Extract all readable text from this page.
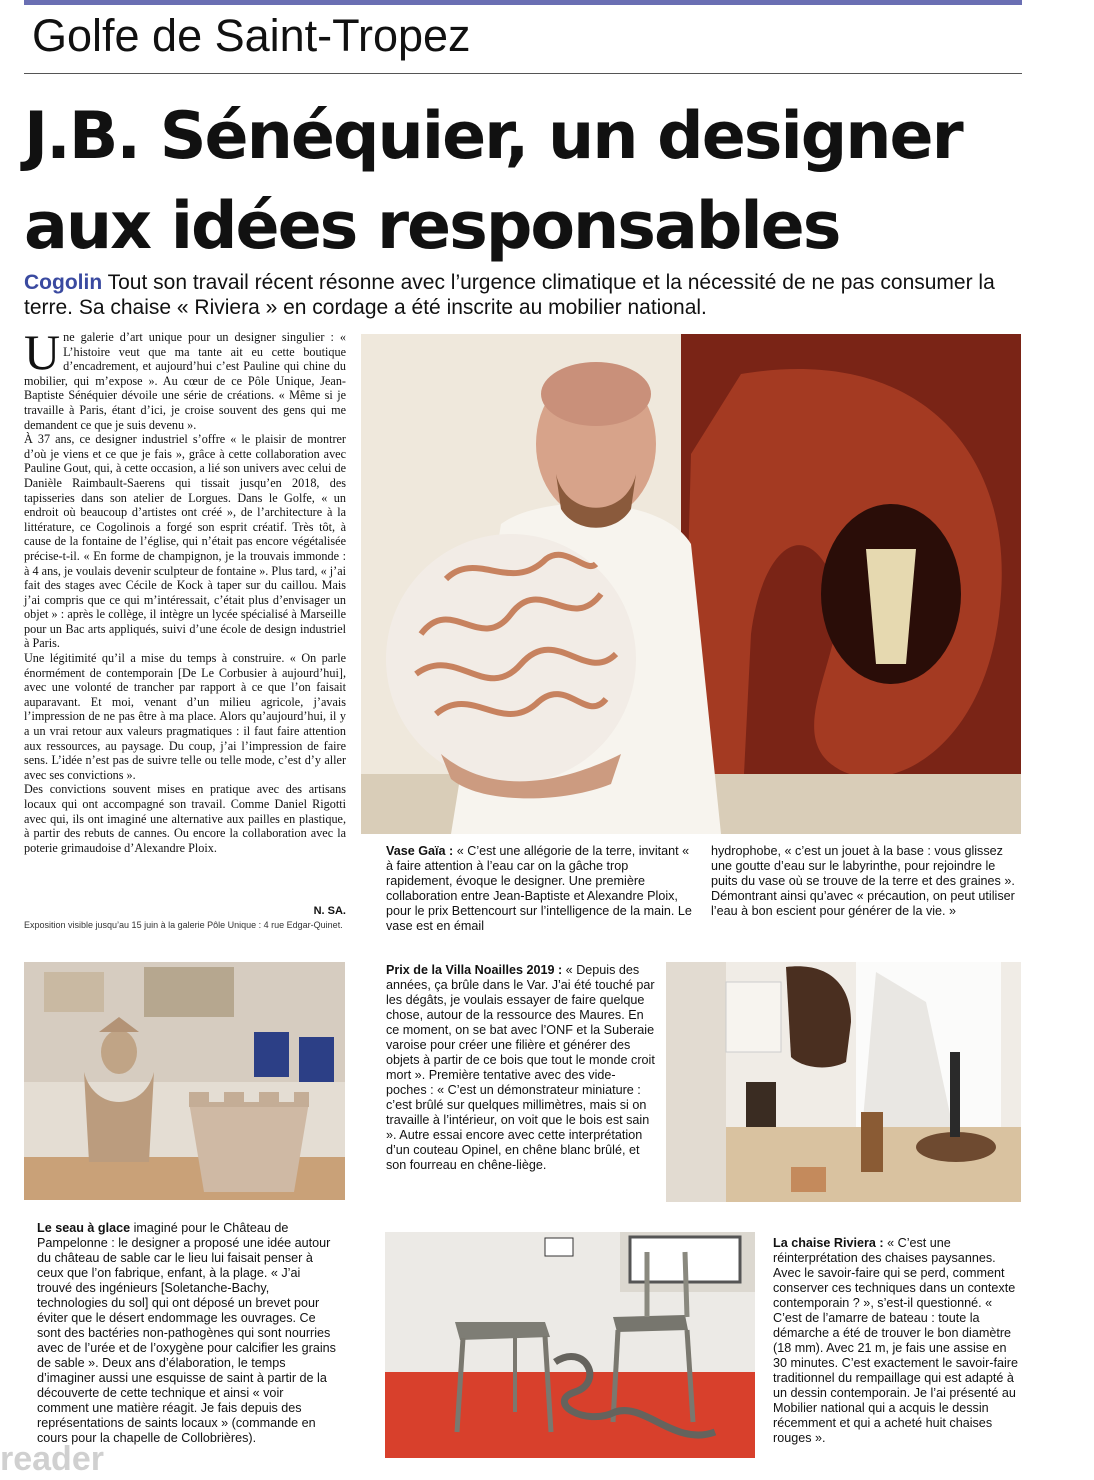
Golfe de Saint-Tropez
J.B. Sénéquier, un designer
aux idées responsables
Cogolin Tout son travail récent résonne avec l’urgence climatique et la nécessité de ne pas consumer la terre. Sa chaise « Riviera » en cordage a été inscrite au mobilier national.

Une galerie d’art unique pour un designer singulier : « L’histoire veut que ma tante ait eu cette boutique d’encadrement, et aujourd’hui c’est Pauline qui chine du mobilier, qui m’expose ». Au cœur de ce Pôle Unique, Jean-Baptiste Sénéquier dévoile une série de créations. « Même si je travaille à Paris, étant d’ici, je croise souvent des gens qui me demandent ce que je suis devenu ».

À 37 ans, ce designer industriel s’offre « le plaisir de montrer d’où je viens et ce que je fais », grâce à cette collaboration avec Pauline Gout, qui, à cette occasion, a lié son univers avec celui de Danièle Raimbault-Saerens qui tissait jusqu’en 2018, des tapisseries dans son atelier de Lorgues. Dans le Golfe, « un endroit où beaucoup d’artistes ont créé », de l’architecture à la littérature, ce Cogolinois a forgé son esprit créatif. Très tôt, à cause de la fontaine de l’église, qui n’était pas encore végétalisée précise-t-il. « En forme de champignon, je la trouvais immonde : à 4 ans, je voulais devenir sculpteur de fontaine ». Plus tard, « j’ai fait des stages avec Cécile de Kock à taper sur du caillou. Mais j’ai compris que ce qui m’intéressait, c’était plus d’envisager un objet » : après le collège, il intègre un lycée spécialisé à Marseille pour un Bac arts appliqués, suivi d’une école de design industriel à Paris.

Une légitimité qu’il a mise du temps à construire. « On parle énormément de contemporain [De Le Corbusier à aujourd’hui], avec une volonté de trancher par rapport à ce que l’on faisait auparavant. Et moi, venant d’un milieu agricole, j’avais l’impression de ne pas être à ma place. Alors qu’aujourd’hui, il y a un vrai retour aux valeurs pragmatiques : il faut faire attention aux ressources, au paysage. Du coup, j’ai l’impression de faire sens. L’idée n’est pas de suivre telle ou telle mode, c’est d’y aller avec ses convictions ».

Des convictions souvent mises en pratique avec des artisans locaux qui ont accompagné son travail. Comme Daniel Rigotti avec qui, ils ont imaginé une alternative aux pailles en plastique, à partir des rebuts de cannes. Ou encore la collaboration avec la poterie grimaudoise d’Alexandre Ploix.

N. SA.
Exposition visible jusqu’au 15 juin à la galerie Pôle Unique : 4 rue Edgar-Quinet.
Vase Gaïa : « C’est une allégorie de la terre, invitant « à faire attention à l’eau car on la gâche trop rapidement, évoque le designer. Une première collaboration entre Jean-Baptiste et Alexandre Ploix, pour le prix Bettencourt sur l’intelligence de la main. Le vase est en émail
hydrophobe, « c’est un jouet à la base : vous glissez une goutte d’eau sur le labyrinthe, pour rejoindre le puits du vase où se trouve de la terre et des graines ». Démontrant ainsi qu’avec « précaution, on peut utiliser l’eau à bon escient pour générer de la vie. »
Prix de la Villa Noailles 2019 : « Depuis des années, ça brûle dans le Var. J’ai été touché par les dégâts, je voulais essayer de faire quelque chose, autour de la ressource des Maures. En ce moment, on se bat avec l’ONF et la Suberaie varoise pour créer une filière et générer des objets à partir de ce bois que tout le monde croit mort ». Première tentative avec des vide-poches : « C’est un démonstrateur miniature : c’est brûlé sur quelques millimètres, mais si on travaille à l’intérieur, on voit que le bois est sain ». Autre essai encore avec cette interprétation d’un couteau Opinel, en chêne blanc brûlé, et son fourreau en chêne-liège.
Le seau à glace imaginé pour le Château de Pampelonne : le designer a proposé une idée autour du château de sable car le lieu lui faisait penser à ceux que l’on fabrique, enfant, à la plage. « J’ai trouvé des ingénieurs [Soletanche-Bachy, technologies du sol] qui ont déposé un brevet pour éviter que le désert endommage les ouvrages. Ce sont des bactéries non-pathogènes qui sont nourries avec de l’urée et de l’oxygène pour calcifier les grains de sable ». Deux ans d’élaboration, le temps d’imaginer aussi une esquisse de saint à partir de la découverte de cette technique et ainsi « voir comment une matière réagit. Je fais depuis des représentations de saints locaux » (commande en cours pour la chapelle de Collobrières).
La chaise Riviera : « C’est une réinterprétation des chaises paysannes. Avec le savoir-faire qui se perd, comment conserver ces techniques dans un contexte contemporain ? », s’est-il questionné. « C’est de l’amarre de bateau : toute la démarche a été de trouver le bon diamètre (18 mm). Avec 21 m, je fais une assise en 30 minutes. C’est exactement le savoir-faire traditionnel du rempaillage qui est adapté à un dessin contemporain. Je l’ai présenté au Mobilier national qui a acquis le dessin récemment et qui a acheté huit chaises rouges ».
reader
